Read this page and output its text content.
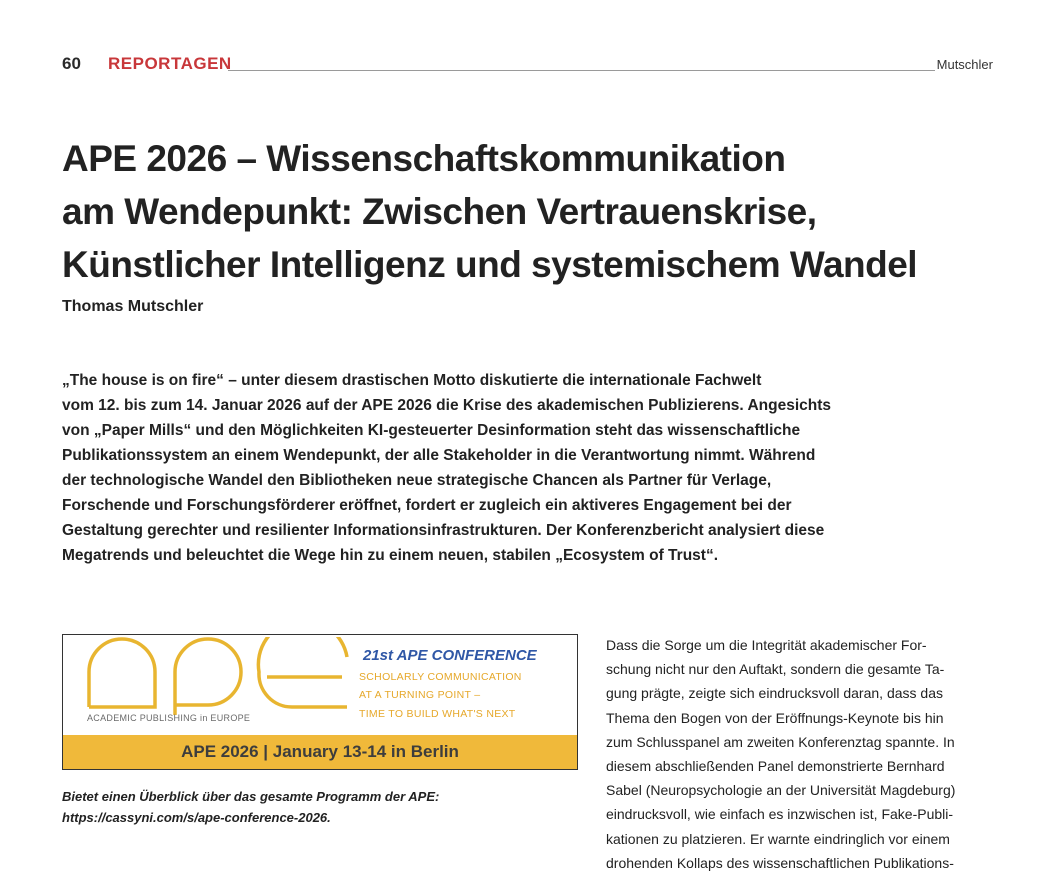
60 REPORTAGEN	Mutschler
APE 2026 – Wissenschaftskommunikation
am Wendepunkt: Zwischen Vertrauenskrise,
Künstlicher Intelligenz und systemischem Wandel
Thomas Mutschler

„The house is on fire“ – unter diesem drastischen Motto diskutierte die internationale Fachwelt
vom 12. bis zum 14. Januar 2026 auf der APE 2026 die Krise des akademischen Publizierens. Angesichts
von „Paper Mills“ und den Möglichkeiten KI-gesteuerter Desinformation steht das wissenschaftliche
Publikationssystem an einem Wendepunkt, der alle Stakeholder in die Verantwortung nimmt. Während
der technologische Wandel den Bibliotheken neue strategische Chancen als Partner für Verlage,
Forschende und Forschungsförderer eröffnet, fordert er zugleich ein aktiveres Engagement bei der
Gestaltung gerechter und resilienter Informationsinfrastrukturen. Der Konferenzbericht analysiert diese
Megatrends und beleuchtet die Wege hin zu einem neuen, stabilen „Ecosystem of Trust“.

ACADEMIC PUBLISHING in EUROPE
21st APE CONFERENCE
SCHOLARLY COMMUNICATION
AT A TURNING POINT –
TIME TO BUILD WHAT'S NEXT
APE 2026 | January 13-14 in Berlin

Bietet einen Überblick über das gesamte Programm der APE:
https://cassyni.com/s/ape-conference-2026.

Dass die Sorge um die Integrität akademischer For-
schung nicht nur den Auftakt, sondern die gesamte Ta-
gung prägte, zeigte sich eindrucksvoll daran, dass das
Thema den Bogen von der Eröffnungs-Keynote bis hin
zum Schlusspanel am zweiten Konferenztag spannte. In
diesem abschließenden Panel demonstrierte Bernhard
Sabel (Neuropsychologie an der Universität Magdeburg)
eindrucksvoll, wie einfach es inzwischen ist, Fake-Publi-
kationen zu platzieren. Er warnte eindringlich vor einem
drohenden Kollaps des wissenschaftlichen Publikations-
